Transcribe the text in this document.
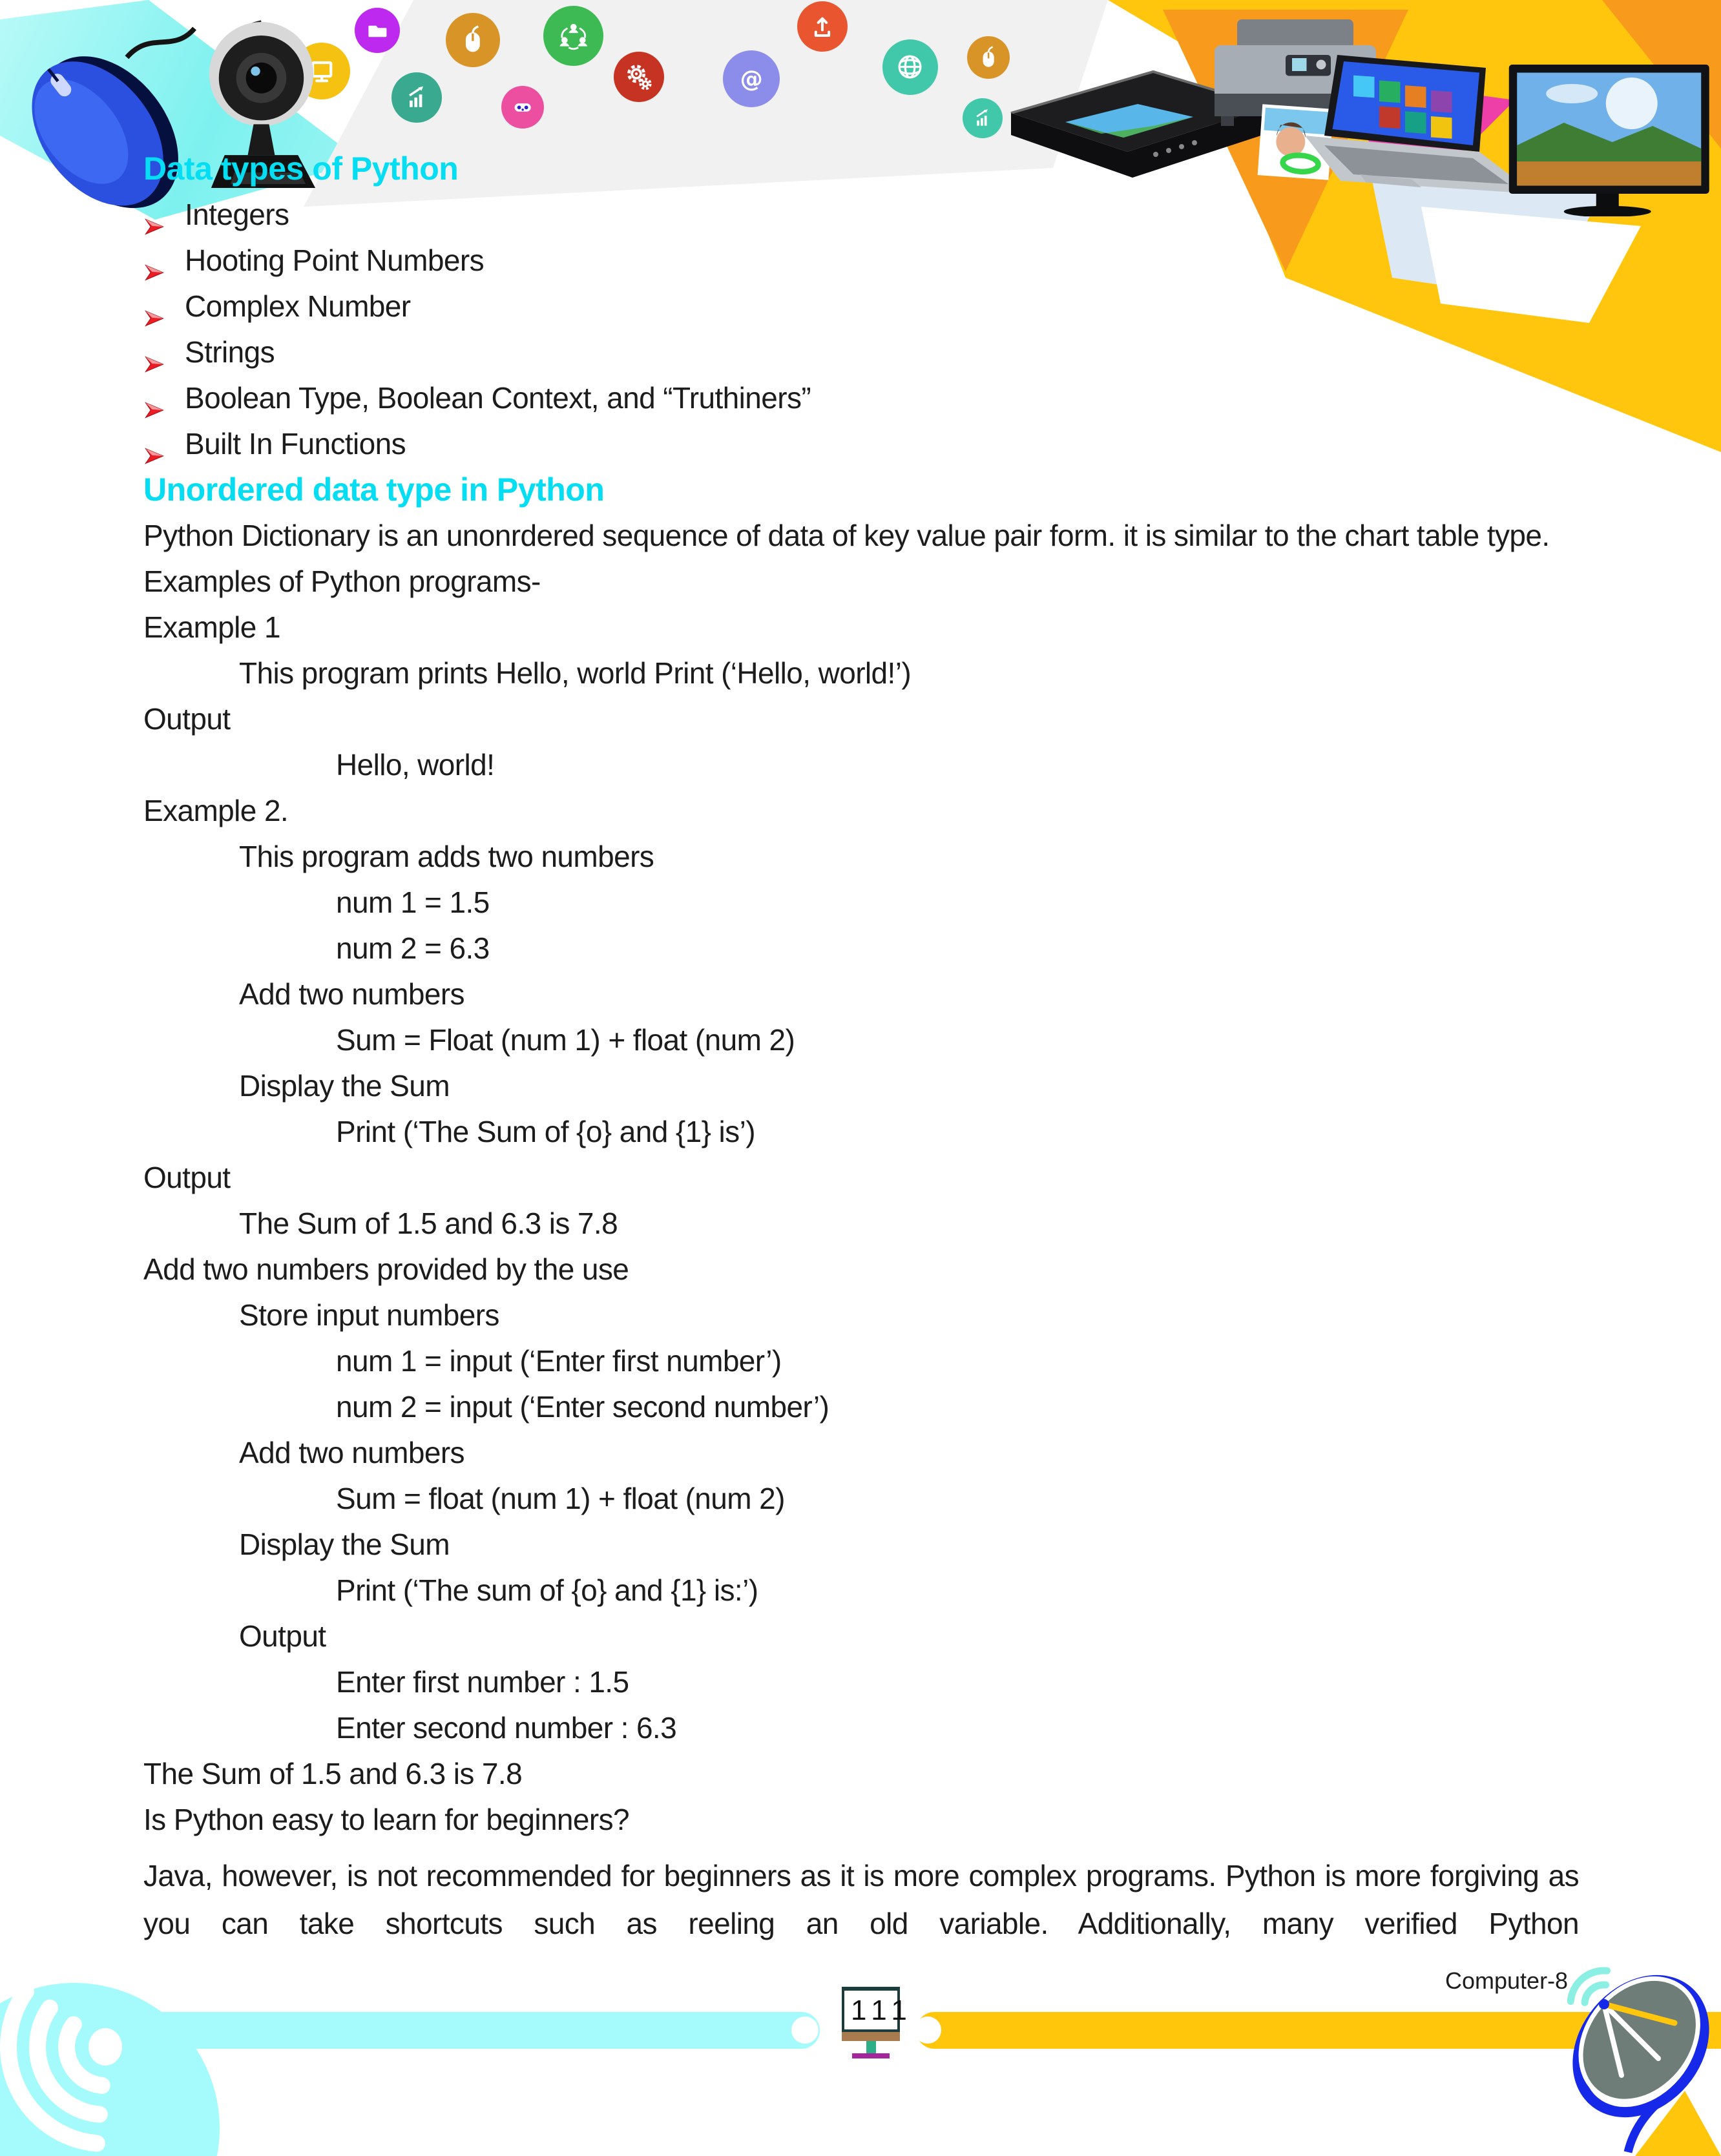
@
Data types of Python
Integers
Hooting Point Numbers
Complex Number
Strings
Boolean Type, Boolean Context, and “Truthiners”
Built In Functions
Unordered data type in Python

Python Dictionary is an unonrdered sequence of data of key value pair form. it is similar to the chart table type.

Examples of Python programs-
Example 1
This program prints Hello, world Print (‘Hello, world!’)
Output
Hello, world!
Example 2.
This program adds two numbers
num 1 = 1.5
num 2 = 6.3
Add two numbers
Sum = Float (num 1) + float (num 2)
Display the Sum
Print (‘The Sum of {o} and {1} is’)
Output
The Sum of 1.5 and 6.3 is 7.8
Add two numbers provided by the use
Store input numbers
num 1 = input (‘Enter first number’)
num 2 = input (‘Enter second number’)
Add two numbers
Sum = float (num 1) + float (num 2)
Display the Sum
Print (‘The sum of {o} and {1} is:’)
Output
Enter first number : 1.5
Enter second number : 6.3
The Sum of 1.5 and 6.3 is 7.8
Is Python easy to learn for beginners?

Java, however, is not recommended for beginners as it is more complex programs. Python is more forgiving as you can take shortcuts such as reeling an old variable. Additionally, many verified Python

111
Computer-8
